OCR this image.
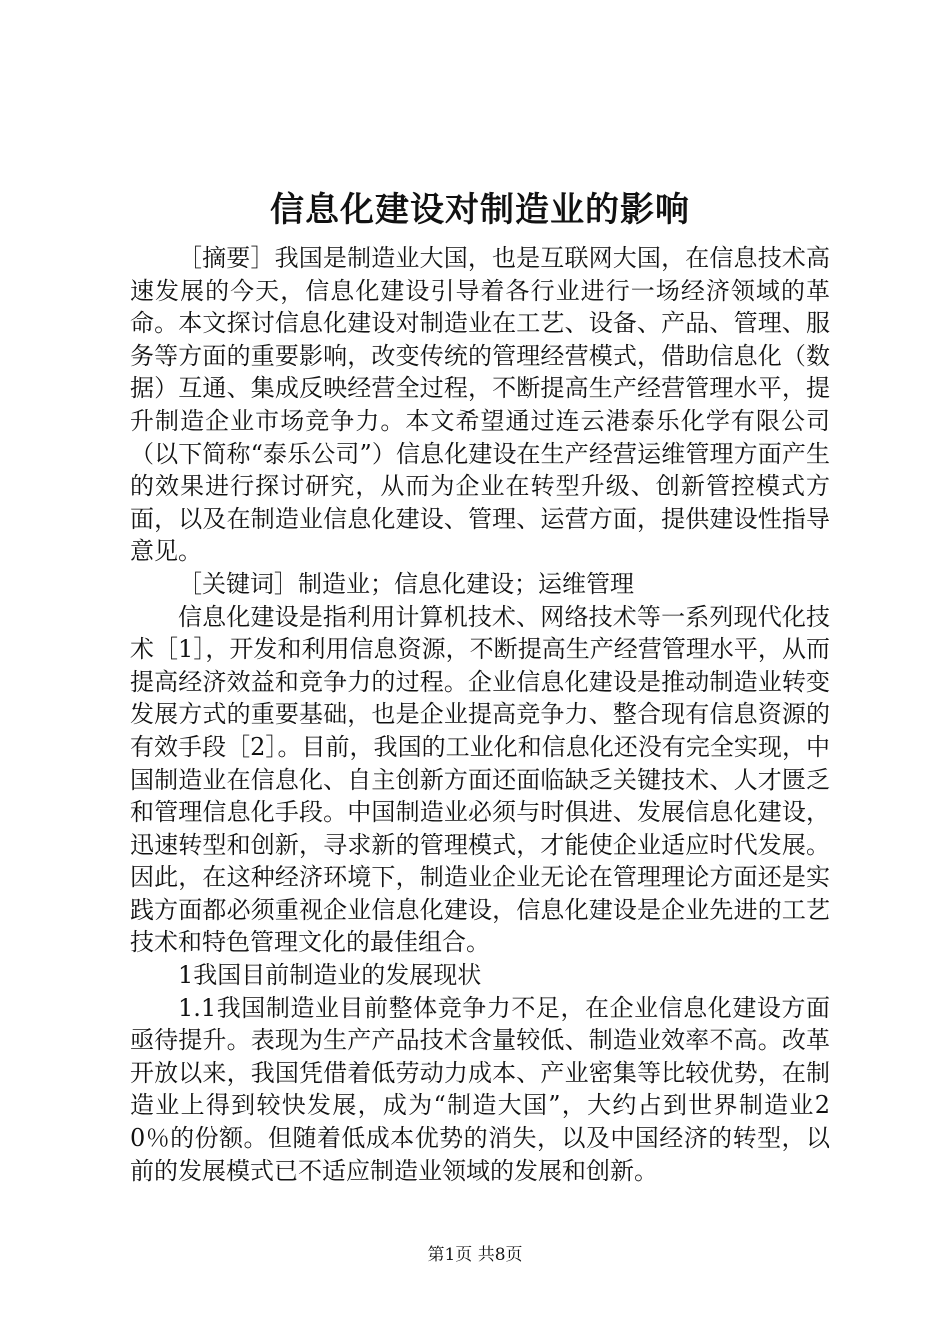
信息化建设对制造业的影响

［摘要］我国是制造业大国，也是互联网大国，在信息技术高速发展的今天，信息化建设引导着各行业进行一场经济领域的革命。本文探讨信息化建设对制造业在工艺、设备、产品、管理、服务等方面的重要影响，改变传统的管理经营模式，借助信息化（数据）互通、集成反映经营全过程，不断提高生产经营管理水平，提升制造企业市场竞争力。本文希望通过连云港泰乐化学有限公司（以下简称“泰乐公司”）信息化建设在生产经营运维管理方面产生的效果进行探讨研究，从而为企业在转型升级、创新管控模式方面，以及在制造业信息化建设、管理、运营方面，提供建设性指导意见。

［关键词］制造业；信息化建设；运维管理

信息化建设是指利用计算机技术、网络技术等一系列现代化技术［1］，开发和利用信息资源，不断提高生产经营管理水平，从而提高经济效益和竞争力的过程。企业信息化建设是推动制造业转变发展方式的重要基础，也是企业提高竞争力、整合现有信息资源的有效手段［2］。目前，我国的工业化和信息化还没有完全实现，中国制造业在信息化、自主创新方面还面临缺乏关键技术、人才匮乏和管理信息化手段。中国制造业必须与时俱进、发展信息化建设，迅速转型和创新，寻求新的管理模式，才能使企业适应时代发展。因此，在这种经济环境下，制造业企业无论在管理理论方面还是实践方面都必须重视企业信息化建设，信息化建设是企业先进的工艺技术和特色管理文化的最佳组合。

1我国目前制造业的发展现状

1.1我国制造业目前整体竞争力不足，在企业信息化建设方面亟待提升。表现为生产产品技术含量较低、制造业效率不高。改革开放以来，我国凭借着低劳动力成本、产业密集等比较优势，在制造业上得到较快发展，成为“制造大国”，大约占到世界制造业20％的份额。但随着低成本优势的消失，以及中国经济的转型，以前的发展模式已不适应制造业领域的发展和创新。

第1页 共8页
